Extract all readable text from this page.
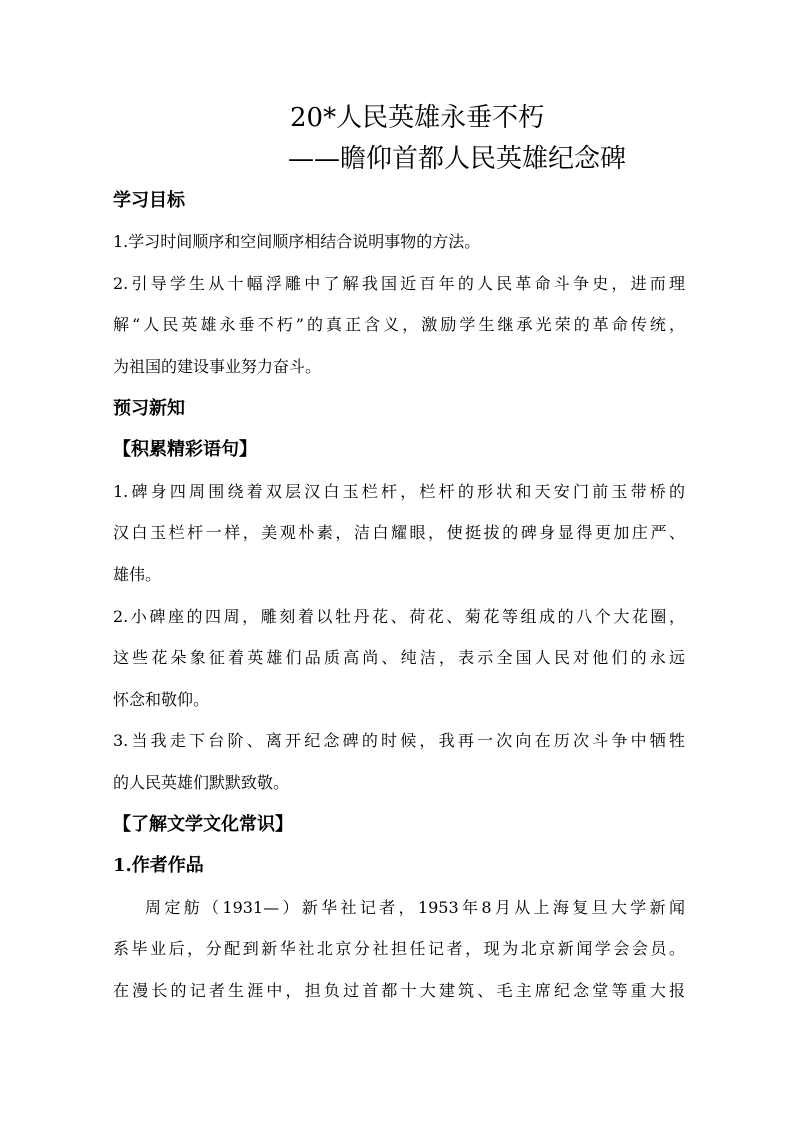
20*人民英雄永垂不朽
——瞻仰首都人民英雄纪念碑
学习目标
1.学习时间顺序和空间顺序相结合说明事物的方法。
2.引导学生从十幅浮雕中了解我国近百年的人民革命斗争史，进而理
解“人民英雄永垂不朽”的真正含义，激励学生继承光荣的革命传统，
为祖国的建设事业努力奋斗。
预习新知
【积累精彩语句】
1.碑身四周围绕着双层汉白玉栏杆，栏杆的形状和天安门前玉带桥的
汉白玉栏杆一样，美观朴素，洁白耀眼，使挺拔的碑身显得更加庄严、
雄伟。
2.小碑座的四周，雕刻着以牡丹花、荷花、菊花等组成的八个大花圈，
这些花朵象征着英雄们品质高尚、纯洁，表示全国人民对他们的永远
怀念和敬仰。
3.当我走下台阶、离开纪念碑的时候，我再一次向在历次斗争中牺牲
的人民英雄们默默致敬。
【了解文学文化常识】
1.作者作品
周定舫（1931—）新华社记者，1953年8月从上海复旦大学新闻
系毕业后，分配到新华社北京分社担任记者，现为北京新闻学会会员。
在漫长的记者生涯中，担负过首都十大建筑、毛主席纪念堂等重大报
